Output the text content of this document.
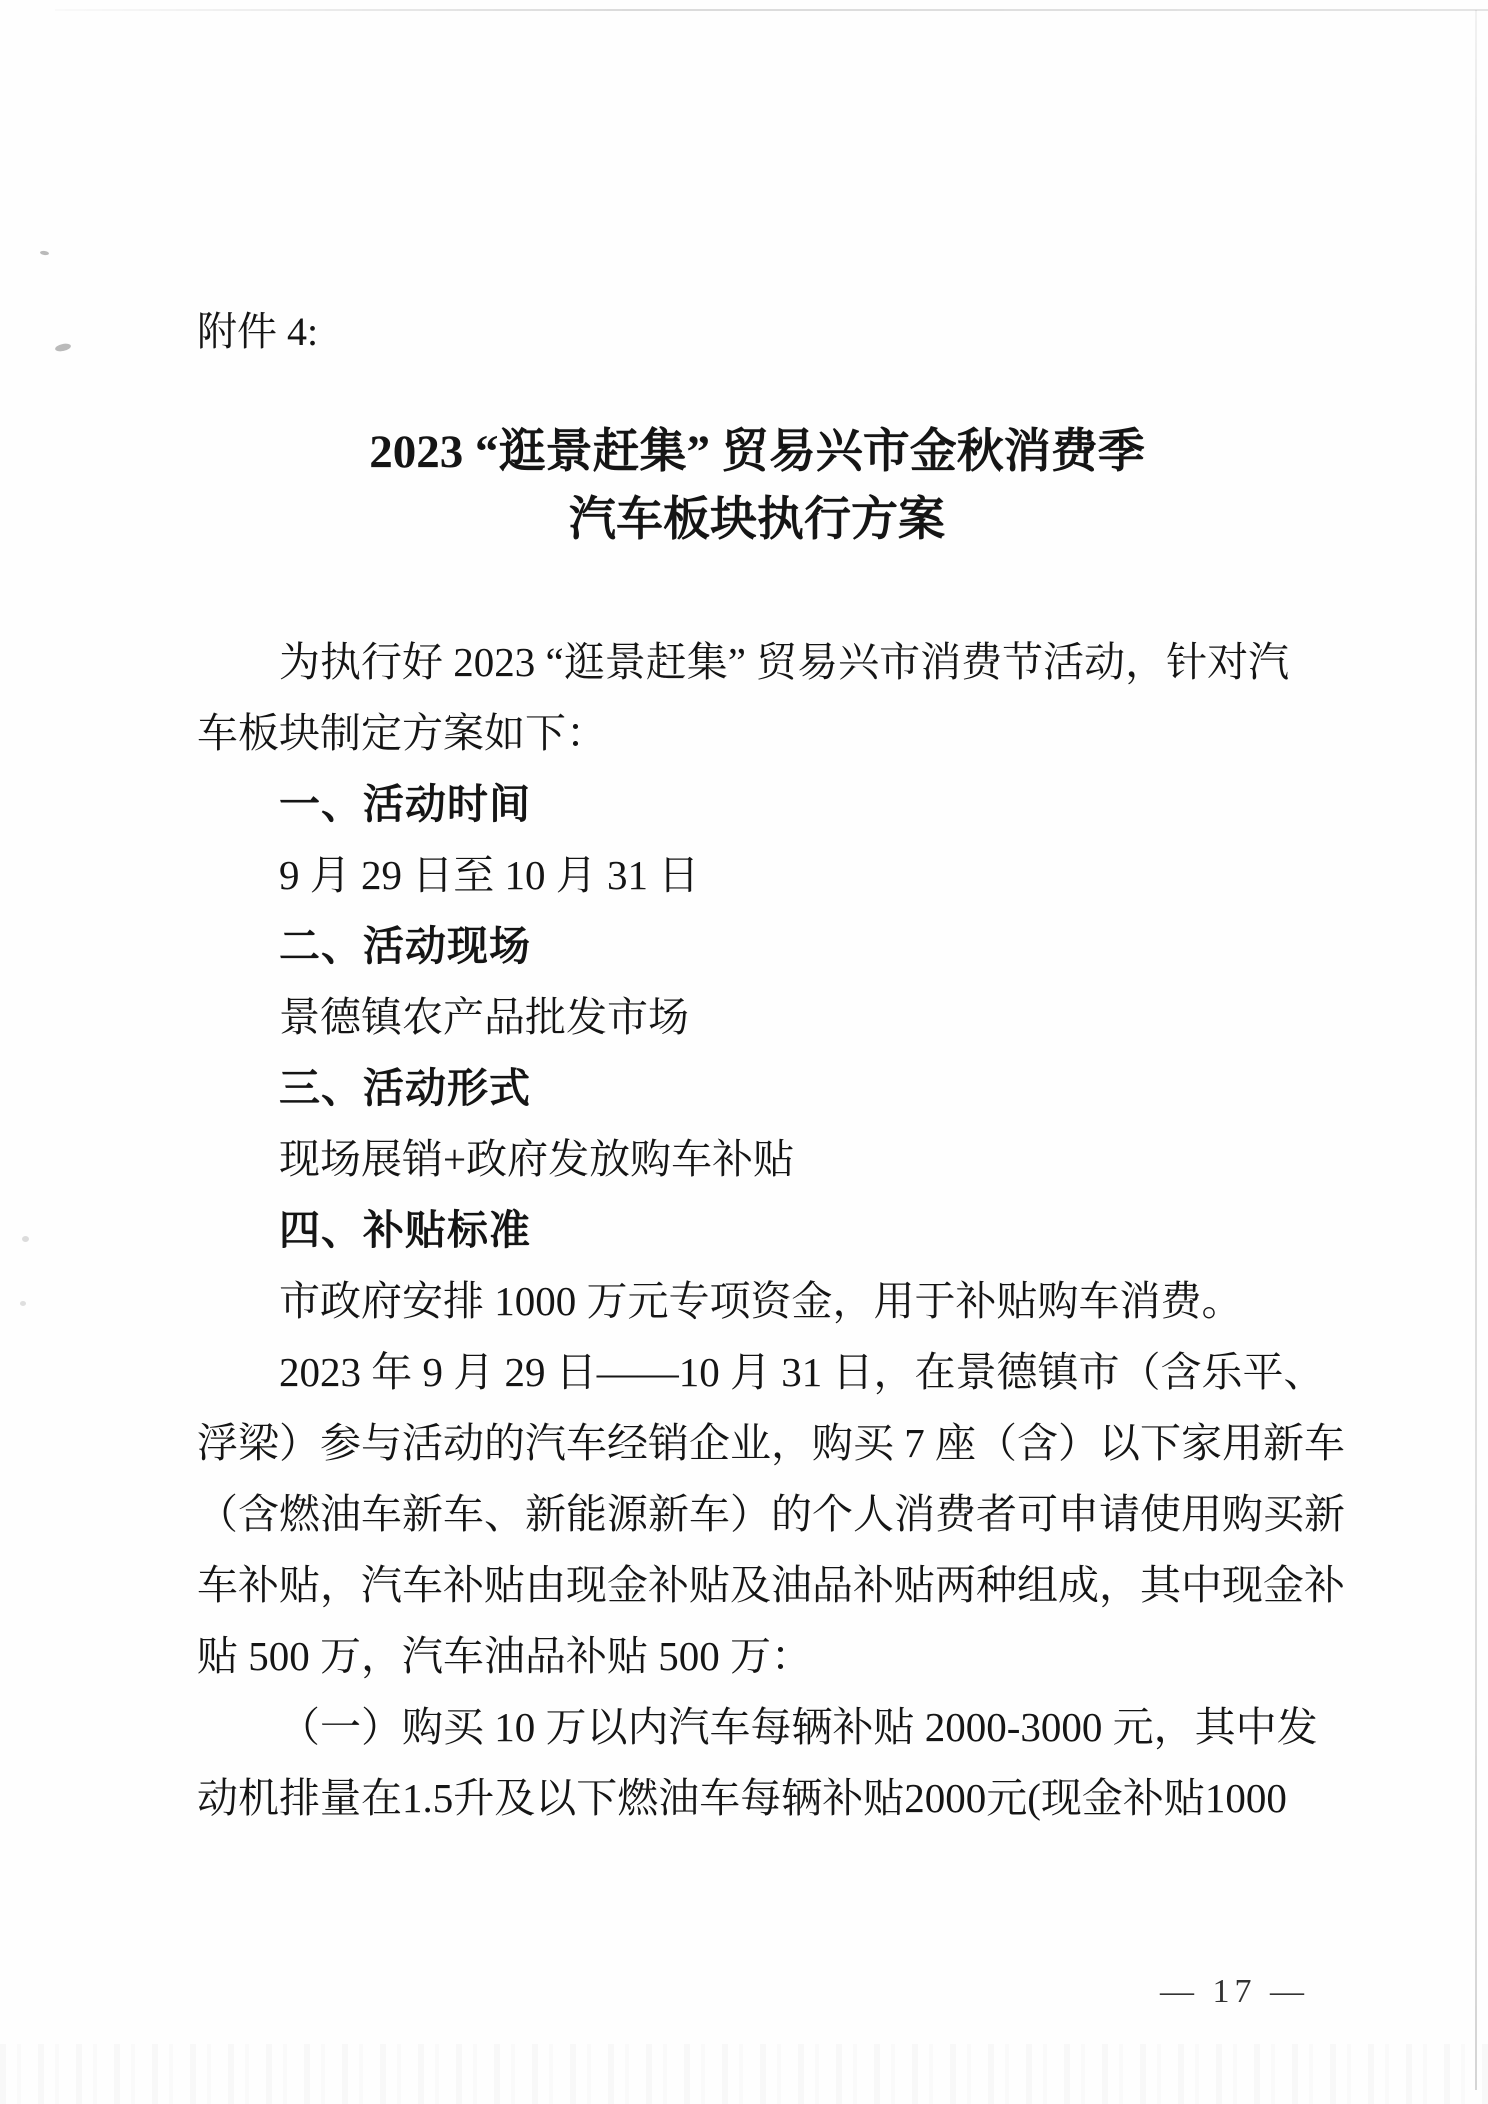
附件 4:
2023 “逛景赶集” 贸易兴市金秋消费季
汽车板块执行方案
为执行好 2023 “逛景赶集” 贸易兴市消费节活动，针对汽
车板块制定方案如下：
一、活动时间
9 月 29 日至 10 月 31 日
二、活动现场
景德镇农产品批发市场
三、活动形式
现场展销+政府发放购车补贴
四、补贴标准
市政府安排 1000 万元专项资金，用于补贴购车消费。
2023 年 9 月 29 日——10 月 31 日，在景德镇市（含乐平、
浮梁）参与活动的汽车经销企业，购买 7 座（含）以下家用新车
（含燃油车新车、新能源新车）的个人消费者可申请使用购买新
车补贴，汽车补贴由现金补贴及油品补贴两种组成，其中现金补
贴 500 万，汽车油品补贴 500 万：
（一）购买 10 万以内汽车每辆补贴 2000-3000 元，其中发
动机排量在1.5升及以下燃油车每辆补贴2000元(现金补贴1000
— 17 —
